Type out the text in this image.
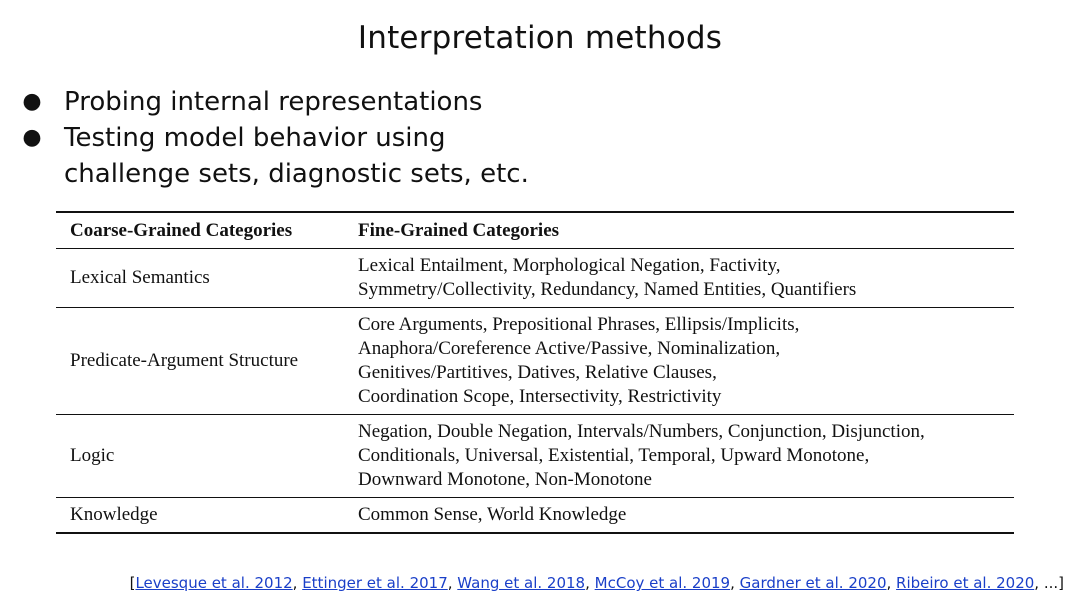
Interpretation methods
● Probing internal representations
● Testing model behavior using
challenge sets, diagnostic sets, etc.
Coarse-Grained Categories	Fine-Grained Categories
Lexical Semantics	Lexical Entailment, Morphological Negation, Factivity,
Symmetry/Collectivity, Redundancy, Named Entities, Quantifiers

Predicate-Argument Structure	Core Arguments, Prepositional Phrases, Ellipsis/Implicits,
Anaphora/Coreference Active/Passive, Nominalization,
Genitives/Partitives, Datives, Relative Clauses,
Coordination Scope, Intersectivity, Restrictivity

Logic	Negation, Double Negation, Intervals/Numbers, Conjunction, Disjunction,
Conditionals, Universal, Existential, Temporal, Upward Monotone,
Downward Monotone, Non-Monotone

Knowledge	Common Sense, World Knowledge
[Levesque et al. 2012, Ettinger et al. 2017, Wang et al. 2018, McCoy et al. 2019, Gardner et al. 2020, Ribeiro et al. 2020, ...]
